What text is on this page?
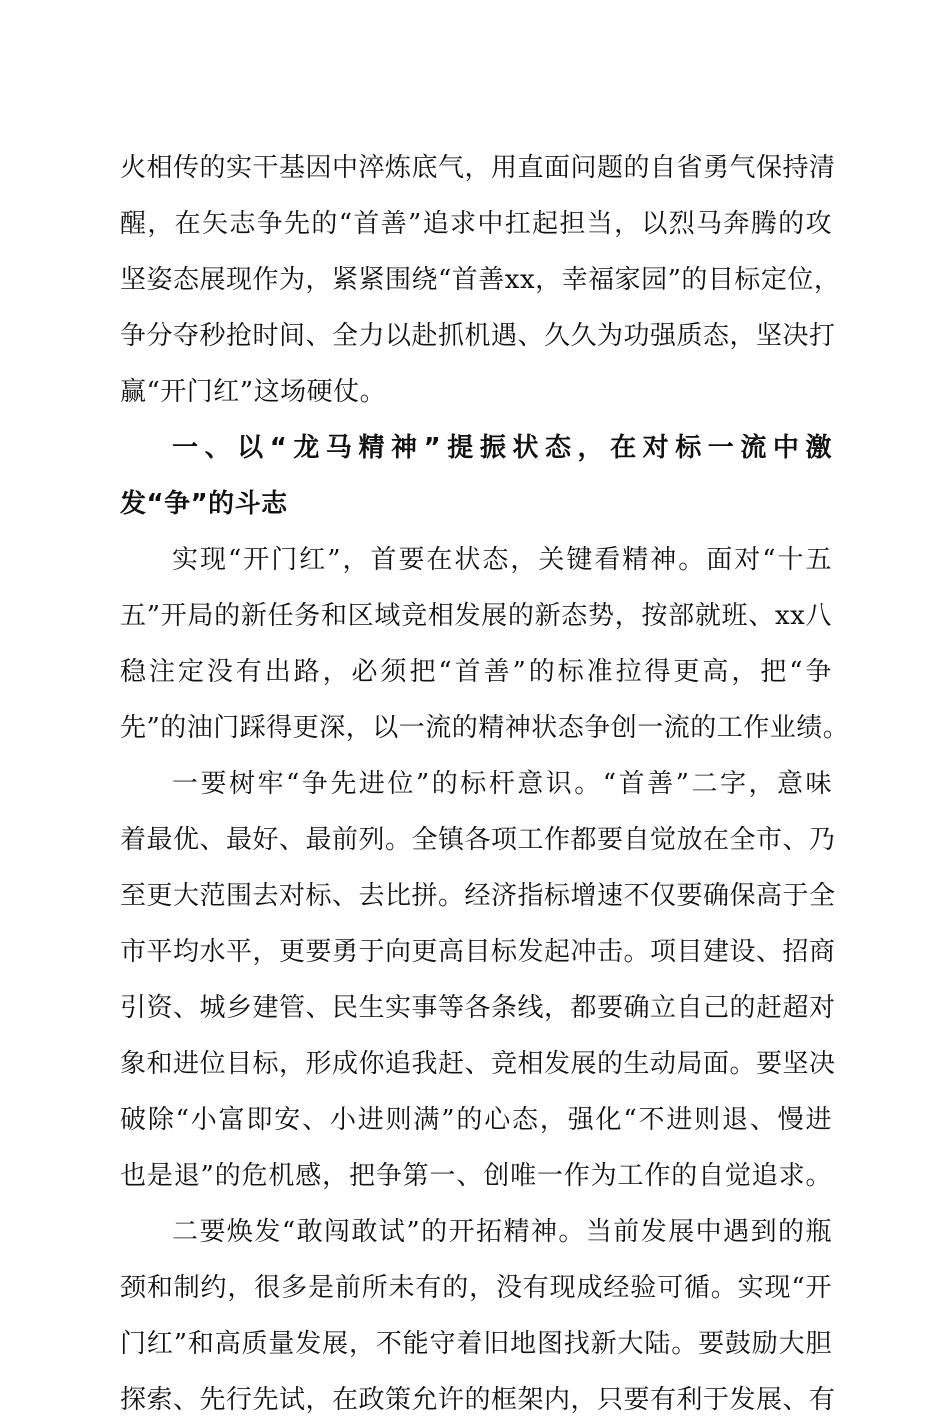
火相传的实干基因中淬炼底气，用直面问题的自省勇气保持清
醒，在矢志争先的“首善”追求中扛起担当，以烈马奔腾的攻
坚姿态展现作为，紧紧围绕“首善xx，幸福家园”的目标定位，
争分夺秒抢时间、全力以赴抓机遇、久久为功强质态，坚决打
赢“开门红”这场硬仗。
一、以“龙马精神”提振状态，在对标一流中激
发“争”的斗志
实现“开门红”，首要在状态，关键看精神。面对“十五
五”开局的新任务和区域竞相发展的新态势，按部就班、xx八
稳注定没有出路，必须把“首善”的标准拉得更高，把“争
先”的油门踩得更深，以一流的精神状态争创一流的工作业绩。
一要树牢“争先进位”的标杆意识。“首善”二字，意味
着最优、最好、最前列。全镇各项工作都要自觉放在全市、乃
至更大范围去对标、去比拼。经济指标增速不仅要确保高于全
市平均水平，更要勇于向更高目标发起冲击。项目建设、招商
引资、城乡建管、民生实事等各条线，都要确立自己的赶超对
象和进位目标，形成你追我赶、竞相发展的生动局面。要坚决
破除“小富即安、小进则满”的心态，强化“不进则退、慢进
也是退”的危机感，把争第一、创唯一作为工作的自觉追求。
二要焕发“敢闯敢试”的开拓精神。当前发展中遇到的瓶
颈和制约，很多是前所未有的，没有现成经验可循。实现“开
门红”和高质量发展，不能守着旧地图找新大陆。要鼓励大胆
探索、先行先试，在政策允许的框架内，只要有利于发展、有
